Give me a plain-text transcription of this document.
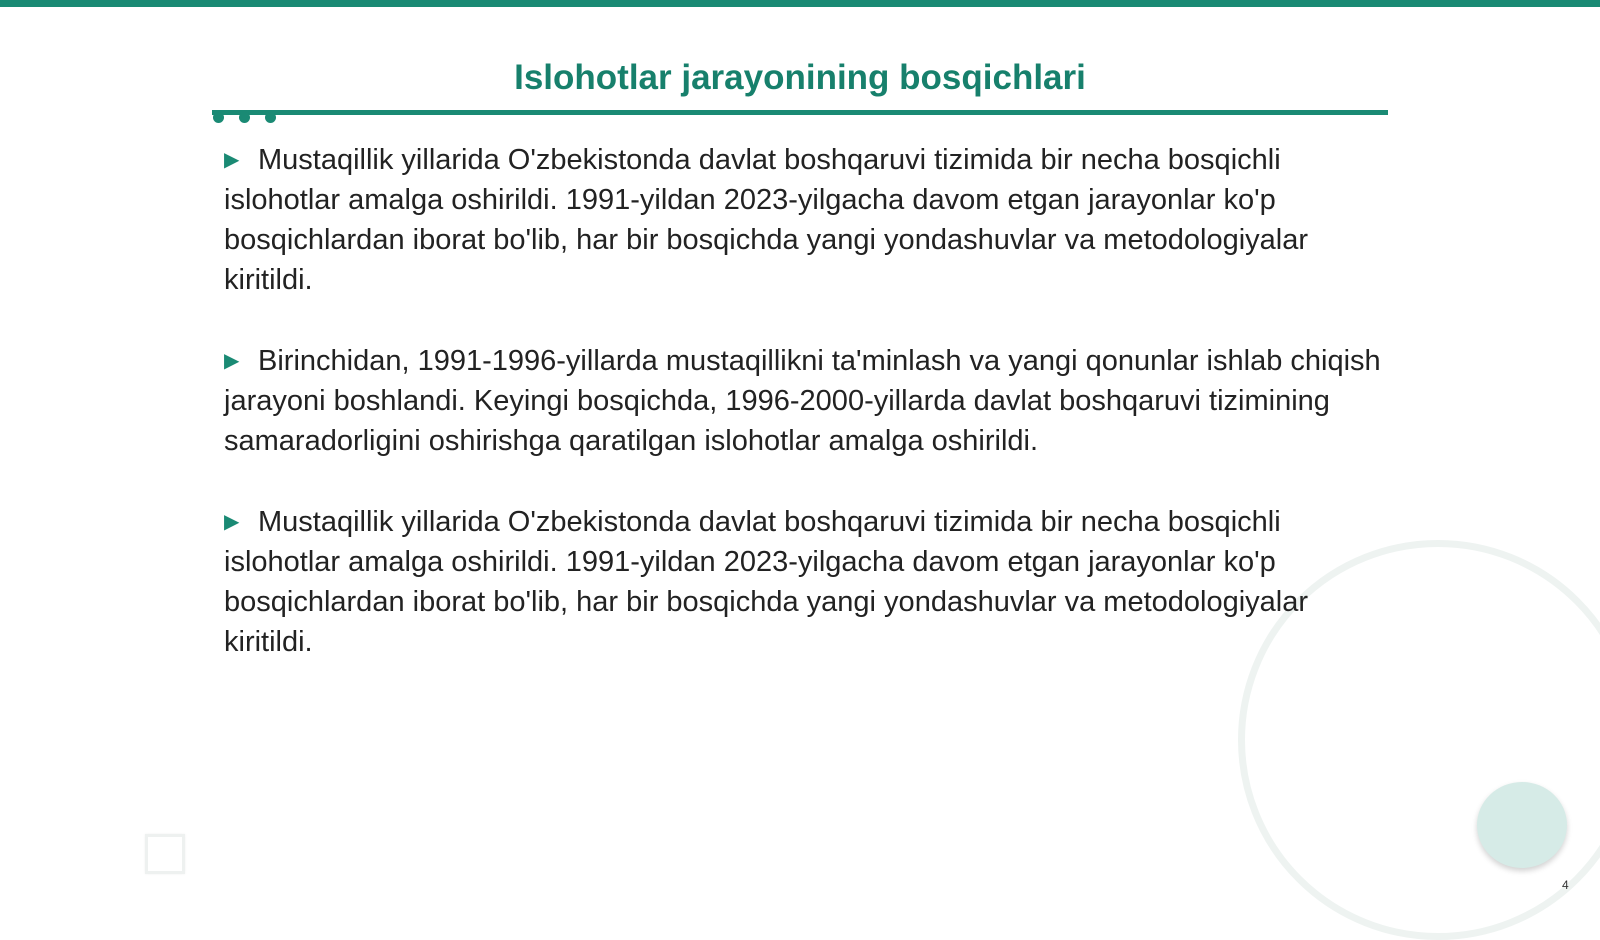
Islohotlar jarayonining bosqichlari

▶ Mustaqillik yillarida O'zbekistonda davlat boshqaruvi tizimida bir necha bosqichli islohotlar amalga oshirildi. 1991-yildan 2023-yilgacha davom etgan jarayonlar ko'p bosqichlardan iborat bo'lib, har bir bosqichda yangi yondashuvlar va metodologiyalar kiritildi.

▶ Birinchidan, 1991-1996-yillarda mustaqillikni ta'minlash va yangi qonunlar ishlab chiqish jarayoni boshlandi. Keyingi bosqichda, 1996-2000-yillarda davlat boshqaruvi tizimining samaradorligini oshirishga qaratilgan islohotlar amalga oshirildi.

▶ Mustaqillik yillarida O'zbekistonda davlat boshqaruvi tizimida bir necha bosqichli islohotlar amalga oshirildi. 1991-yildan 2023-yilgacha davom etgan jarayonlar ko'p bosqichlardan iborat bo'lib, har bir bosqichda yangi yondashuvlar va metodologiyalar kiritildi.

4
